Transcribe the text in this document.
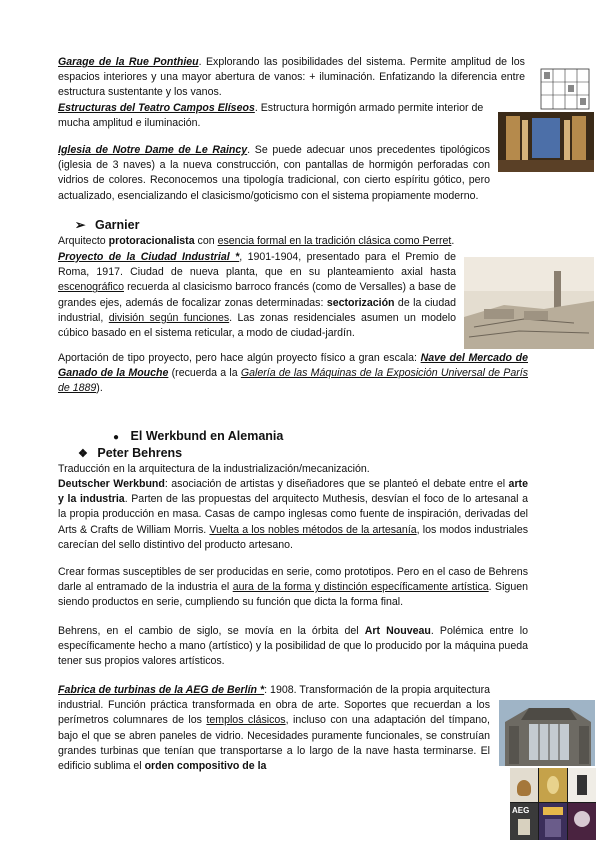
Garage de la Rue Ponthieu. Explorando las posibilidades del sistema. Permite amplitud de los espacios interiores y una mayor abertura de vanos: + iluminación. Enfatizando la diferencia entre estructura sustentante y los vanos.
Estructuras del Teatro Campos Elíseos. Estructura hormigón armado permite interior de mucha amplitud e iluminación.
Iglesia de Notre Dame de Le Raincy. Se puede adecuar unos precedentes tipológicos (iglesia de 3 naves) a la nueva construcción, con pantallas de hormigón perforadas con vidrios de colores. Reconocemos una tipología tradicional, con cierto espíritu gótico, pero actualizado, esencializando el clasicismo/goticismo con el sistema propiamente moderno.
➢ Garnier
Arquitecto protoracionalista con esencia formal en la tradición clásica como Perret.
Proyecto de la Ciudad Industrial *, 1901-1904, presentado para el Premio de Roma, 1917. Ciudad de nueva planta, que en su planteamiento axial hasta escenográfico recuerda al clasicismo barroco francés (como de Versalles) a base de grandes ejes, además de focalizar zonas determinadas: sectorización de la ciudad industrial, división según funciones. Las zonas residenciales asumen un modelo cúbico basado en el sistema reticular, a modo de ciudad-jardín.
Aportación de tipo proyecto, pero hace algún proyecto físico a gran escala: Nave del Mercado de Ganado de la Mouche (recuerda a la Galería de las Máquinas de la Exposición Universal de París de 1889).
● El Werkbund en Alemania
❖ Peter Behrens
Traducción en la arquitectura de la industrialización/mecanización.
Deutscher Werkbund: asociación de artistas y diseñadores que se planteó el debate entre el arte y la industria. Parten de las propuestas del arquitecto Muthesis, desvían el foco de lo artesanal a la propia producción en masa. Casas de campo inglesas como fuente de inspiración, derivadas del Arts & Crafts de William Morris. Vuelta a los nobles métodos de la artesanía, los modos industriales carecían del sello distintivo del producto artesano.
Crear formas susceptibles de ser producidas en serie, como prototipos. Pero en el caso de Behrens darle al entramado de la industria el aura de la forma y distinción específicamente artística. Siguen siendo productos en serie, cumpliendo su función que dicta la forma final.
Behrens, en el cambio de siglo, se movía en la órbita del Art Nouveau. Polémica entre lo específicamente hecho a mano (artístico) y la posibilidad de que lo producido por la máquina pueda tener sus propios valores artísticos.
Fabrica de turbinas de la AEG de Berlín *: 1908. Transformación de la propia arquitectura industrial. Función práctica transformada en obra de arte. Soportes que recuerdan a los perímetros columnares de los templos clásicos, incluso con una adaptación del tímpano, bajo el que se abren paneles de vidrio. Necesidades puramente funcionales, se construían grandes turbinas que tenían que transportarse a lo largo de la nave hasta terminarse. El edificio sublima el orden compositivo de la
AEG
